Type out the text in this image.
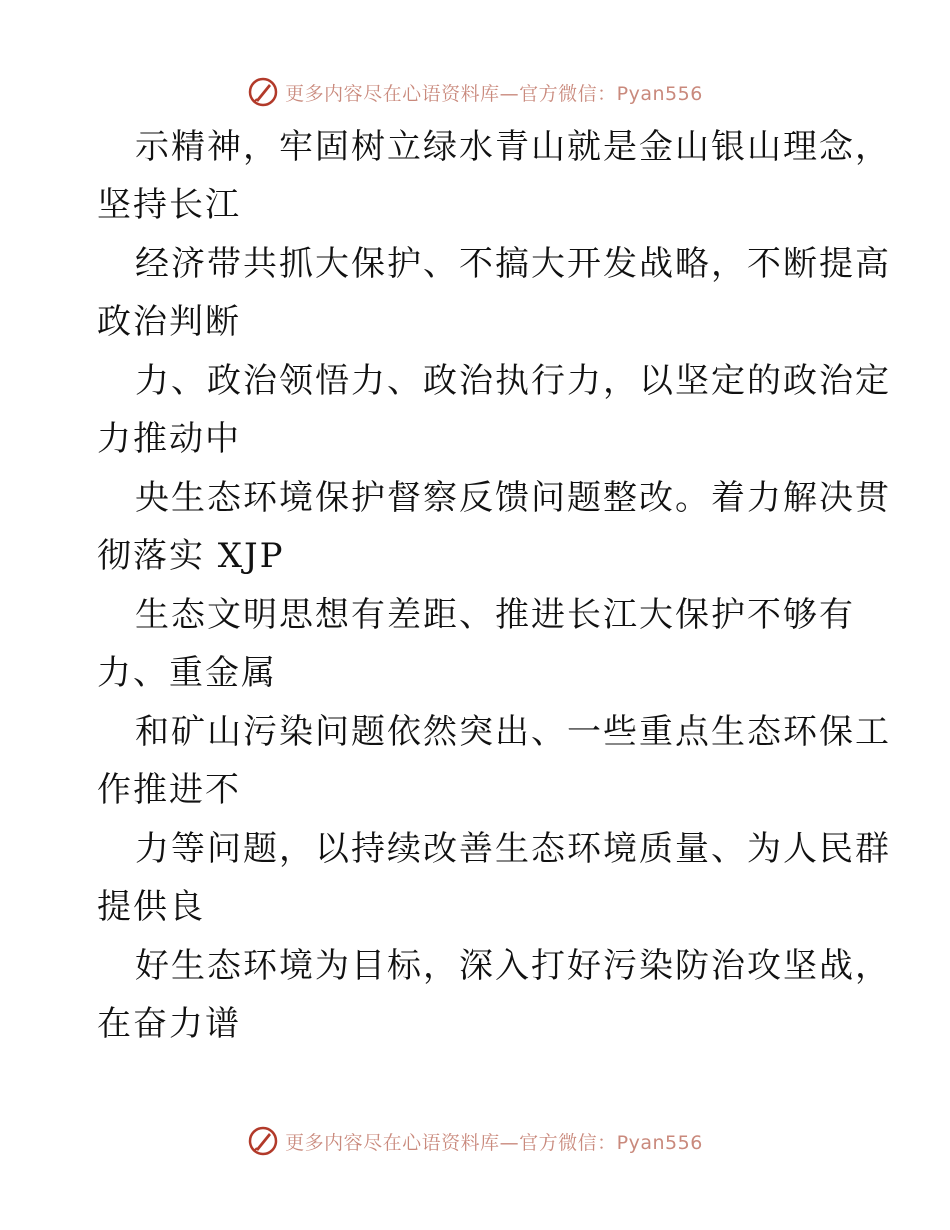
更多内容尽在心语资料库—官方微信：Pyan556
示精神，牢固树立绿水青山就是金山银山理念，
坚持长江
经济带共抓大保护、不搞大开发战略，不断提高
政治判断
力、政治领悟力、政治执行力，以坚定的政治定
力推动中
央生态环境保护督察反馈问题整改。着力解决贯
彻落实 XJP
生态文明思想有差距、推进长江大保护不够有
力、重金属
和矿山污染问题依然突出、一些重点生态环保工
作推进不
力等问题，以持续改善生态环境质量、为人民群
提供良
好生态环境为目标，深入打好污染防治攻坚战，
在奋力谱
更多内容尽在心语资料库—官方微信：Pyan556
